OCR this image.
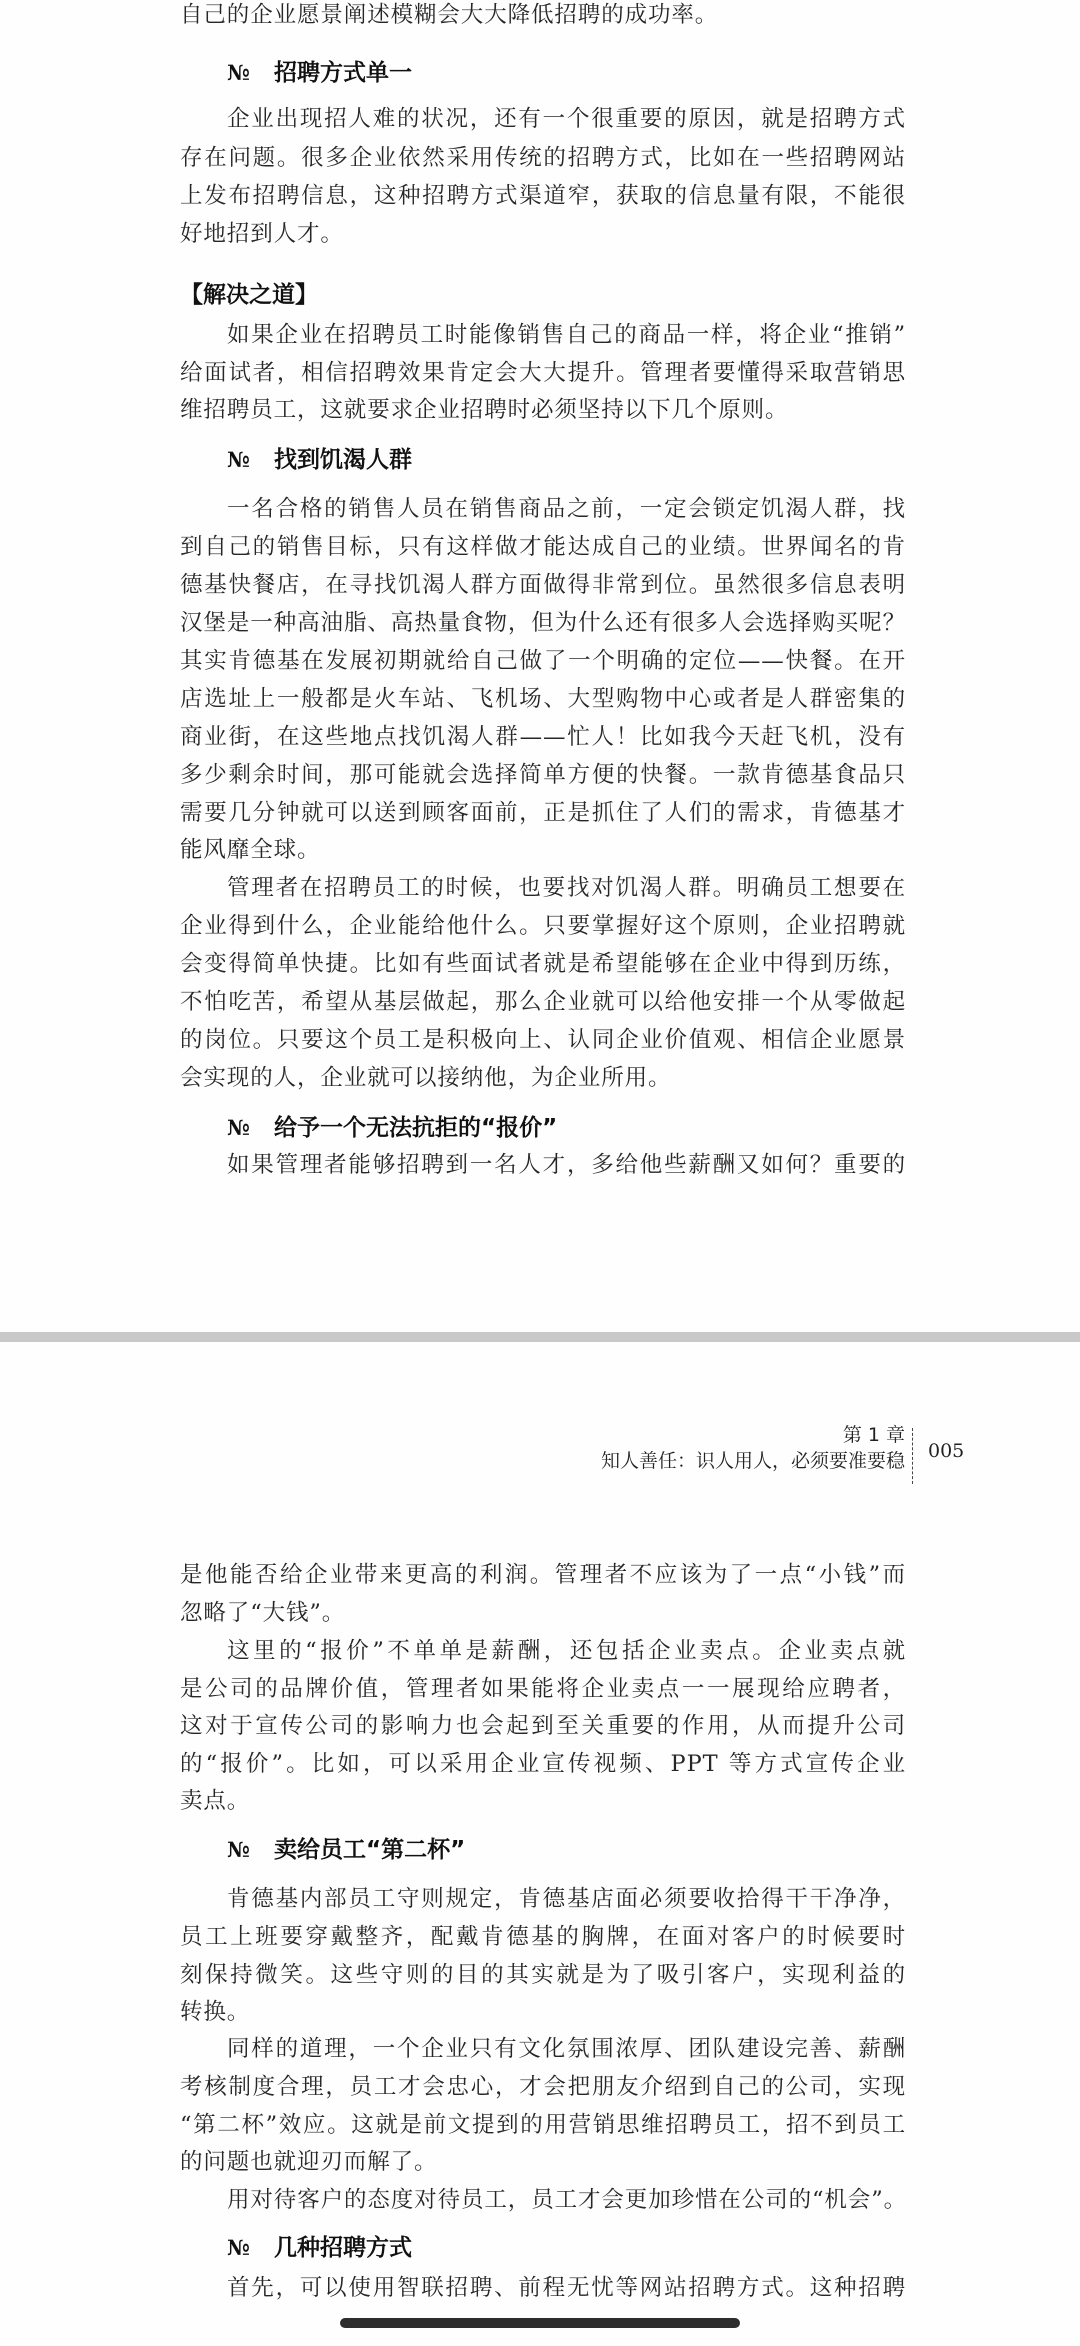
自己的企业愿景阐述模糊会大大降低招聘的成功率。
№ 招聘方式单一
企业出现招人难的状况，还有一个很重要的原因，就是招聘方式
存在问题。很多企业依然采用传统的招聘方式，比如在一些招聘网站
上发布招聘信息，这种招聘方式渠道窄，获取的信息量有限，不能很
好地招到人才。
【解决之道】
如果企业在招聘员工时能像销售自己的商品一样，将企业“推销”
给面试者，相信招聘效果肯定会大大提升。管理者要懂得采取营销思
维招聘员工，这就要求企业招聘时必须坚持以下几个原则。
№ 找到饥渴人群
一名合格的销售人员在销售商品之前，一定会锁定饥渴人群，找
到自己的销售目标，只有这样做才能达成自己的业绩。世界闻名的肯
德基快餐店，在寻找饥渴人群方面做得非常到位。虽然很多信息表明
汉堡是一种高油脂、高热量食物，但为什么还有很多人会选择购买呢？
其实肯德基在发展初期就给自己做了一个明确的定位——快餐。在开
店选址上一般都是火车站、飞机场、大型购物中心或者是人群密集的
商业街，在这些地点找饥渴人群——忙人！比如我今天赶飞机，没有
多少剩余时间，那可能就会选择简单方便的快餐。一款肯德基食品只
需要几分钟就可以送到顾客面前，正是抓住了人们的需求，肯德基才
能风靡全球。
管理者在招聘员工的时候，也要找对饥渴人群。明确员工想要在
企业得到什么，企业能给他什么。只要掌握好这个原则，企业招聘就
会变得简单快捷。比如有些面试者就是希望能够在企业中得到历练，
不怕吃苦，希望从基层做起，那么企业就可以给他安排一个从零做起
的岗位。只要这个员工是积极向上、认同企业价值观、相信企业愿景
会实现的人，企业就可以接纳他，为企业所用。
№ 给予一个无法抗拒的“报价”
如果管理者能够招聘到一名人才，多给他些薪酬又如何？重要的
是他能否给企业带来更高的利润。管理者不应该为了一点“小钱”而
忽略了“大钱”。
这里的“报价”不单单是薪酬，还包括企业卖点。企业卖点就
是公司的品牌价值，管理者如果能将企业卖点一一展现给应聘者，
这对于宣传公司的影响力也会起到至关重要的作用，从而提升公司
的“报价”。比如，可以采用企业宣传视频、PPT 等方式宣传企业
卖点。
№ 卖给员工“第二杯”
肯德基内部员工守则规定，肯德基店面必须要收拾得干干净净，
员工上班要穿戴整齐，配戴肯德基的胸牌，在面对客户的时候要时
刻保持微笑。这些守则的目的其实就是为了吸引客户，实现利益的
转换。
同样的道理，一个企业只有文化氛围浓厚、团队建设完善、薪酬
考核制度合理，员工才会忠心，才会把朋友介绍到自己的公司，实现
“第二杯”效应。这就是前文提到的用营销思维招聘员工，招不到员工
的问题也就迎刃而解了。
用对待客户的态度对待员工，员工才会更加珍惜在公司的“机会”。
№ 几种招聘方式
首先，可以使用智联招聘、前程无忧等网站招聘方式。这种招聘
第 1 章
知人善任：识人用人，必须要准要稳 005
